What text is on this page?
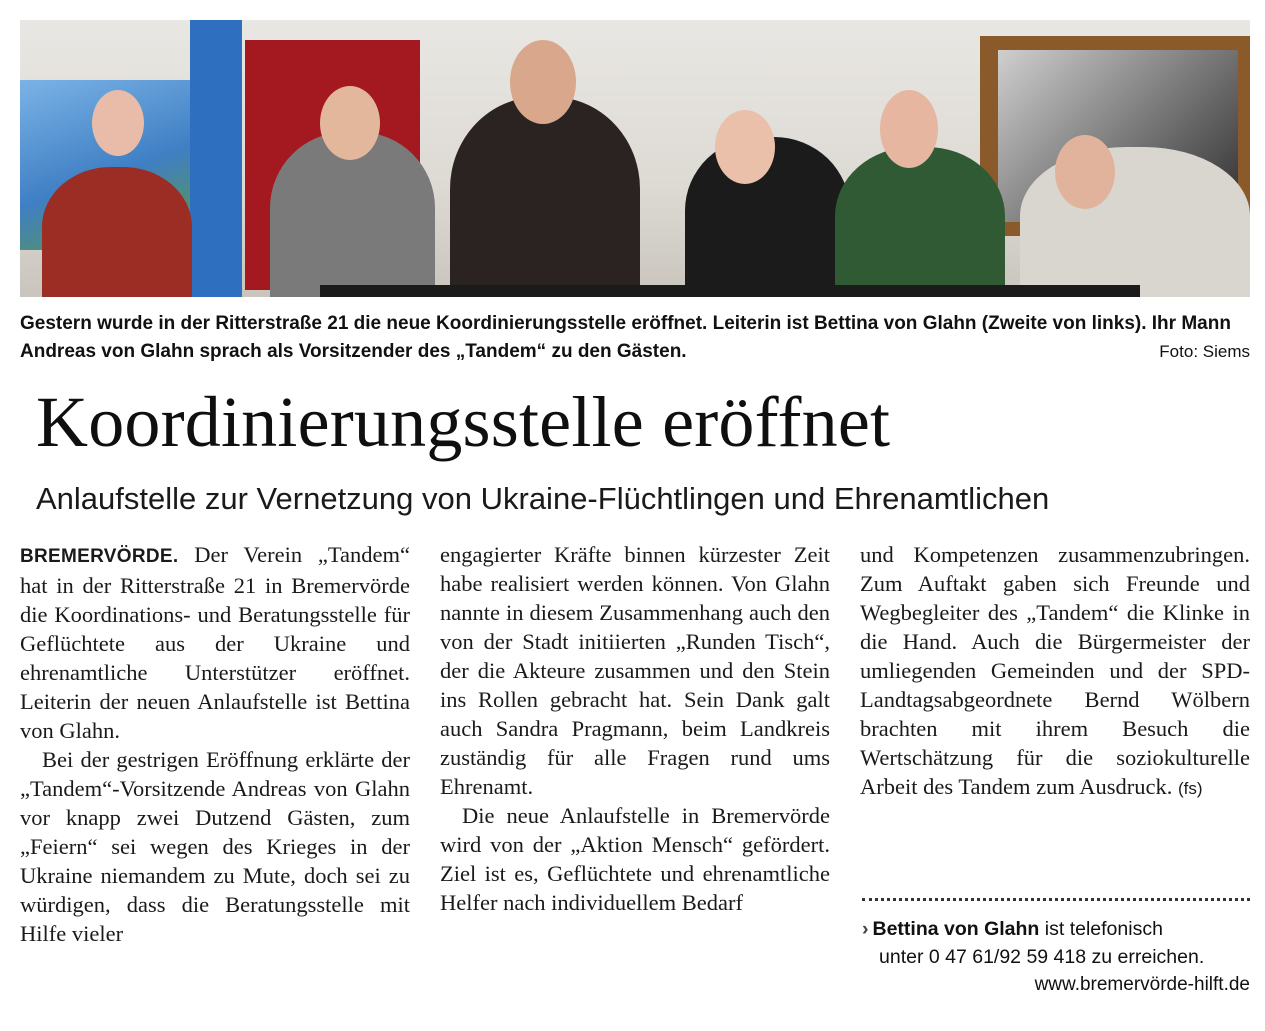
Gestern wurde in der Ritterstraße 21 die neue Koordinierungsstelle eröffnet. Leiterin ist Bettina von Glahn (Zweite von links). Ihr Mann Andreas von Glahn sprach als Vorsitzender des „Tandem“ zu den Gästen.	Foto: Siems
Koordinierungsstelle eröffnet
Anlaufstelle zur Vernetzung von Ukraine-Flüchtlingen und Ehrenamtlichen

BREMERVÖRDE. Der Verein „Tandem“ hat in der Ritterstraße 21 in Bremervörde die Koordinations- und Beratungsstelle für Geflüchtete aus der Ukraine und ehrenamtliche Unterstützer eröffnet. Leiterin der neuen Anlaufstelle ist Bettina von Glahn.

Bei der gestrigen Eröffnung erklärte der „Tandem“-Vorsitzende Andreas von Glahn vor knapp zwei Dutzend Gästen, zum „Feiern“ sei wegen des Krieges in der Ukraine niemandem zu Mute, doch sei zu würdigen, dass die Beratungsstelle mit Hilfe vieler

engagierter Kräfte binnen kürzester Zeit habe realisiert werden können. Von Glahn nannte in diesem Zusammenhang auch den von der Stadt initiierten „Runden Tisch“, der die Akteure zusammen und den Stein ins Rollen gebracht hat. Sein Dank galt auch Sandra Pragmann, beim Landkreis zuständig für alle Fragen rund ums Ehrenamt.

Die neue Anlaufstelle in Bremervörde wird von der „Aktion Mensch“ gefördert. Ziel ist es, Geflüchtete und ehrenamtliche Helfer nach individuellem Bedarf

und Kompetenzen zusammenzubringen. Zum Auftakt gaben sich Freunde und Wegbegleiter des „Tandem“ die Klinke in die Hand. Auch die Bürgermeister der umliegenden Gemeinden und der SPD-Landtagsabgeordnete Bernd Wölbern brachten mit ihrem Besuch die Wertschätzung für die soziokulturelle Arbeit des Tandem zum Ausdruck. (fs)

› Bettina von Glahn ist telefonisch
unter 0 47 61/92 59 418 zu erreichen.
www.bremervörde-hilft.de
